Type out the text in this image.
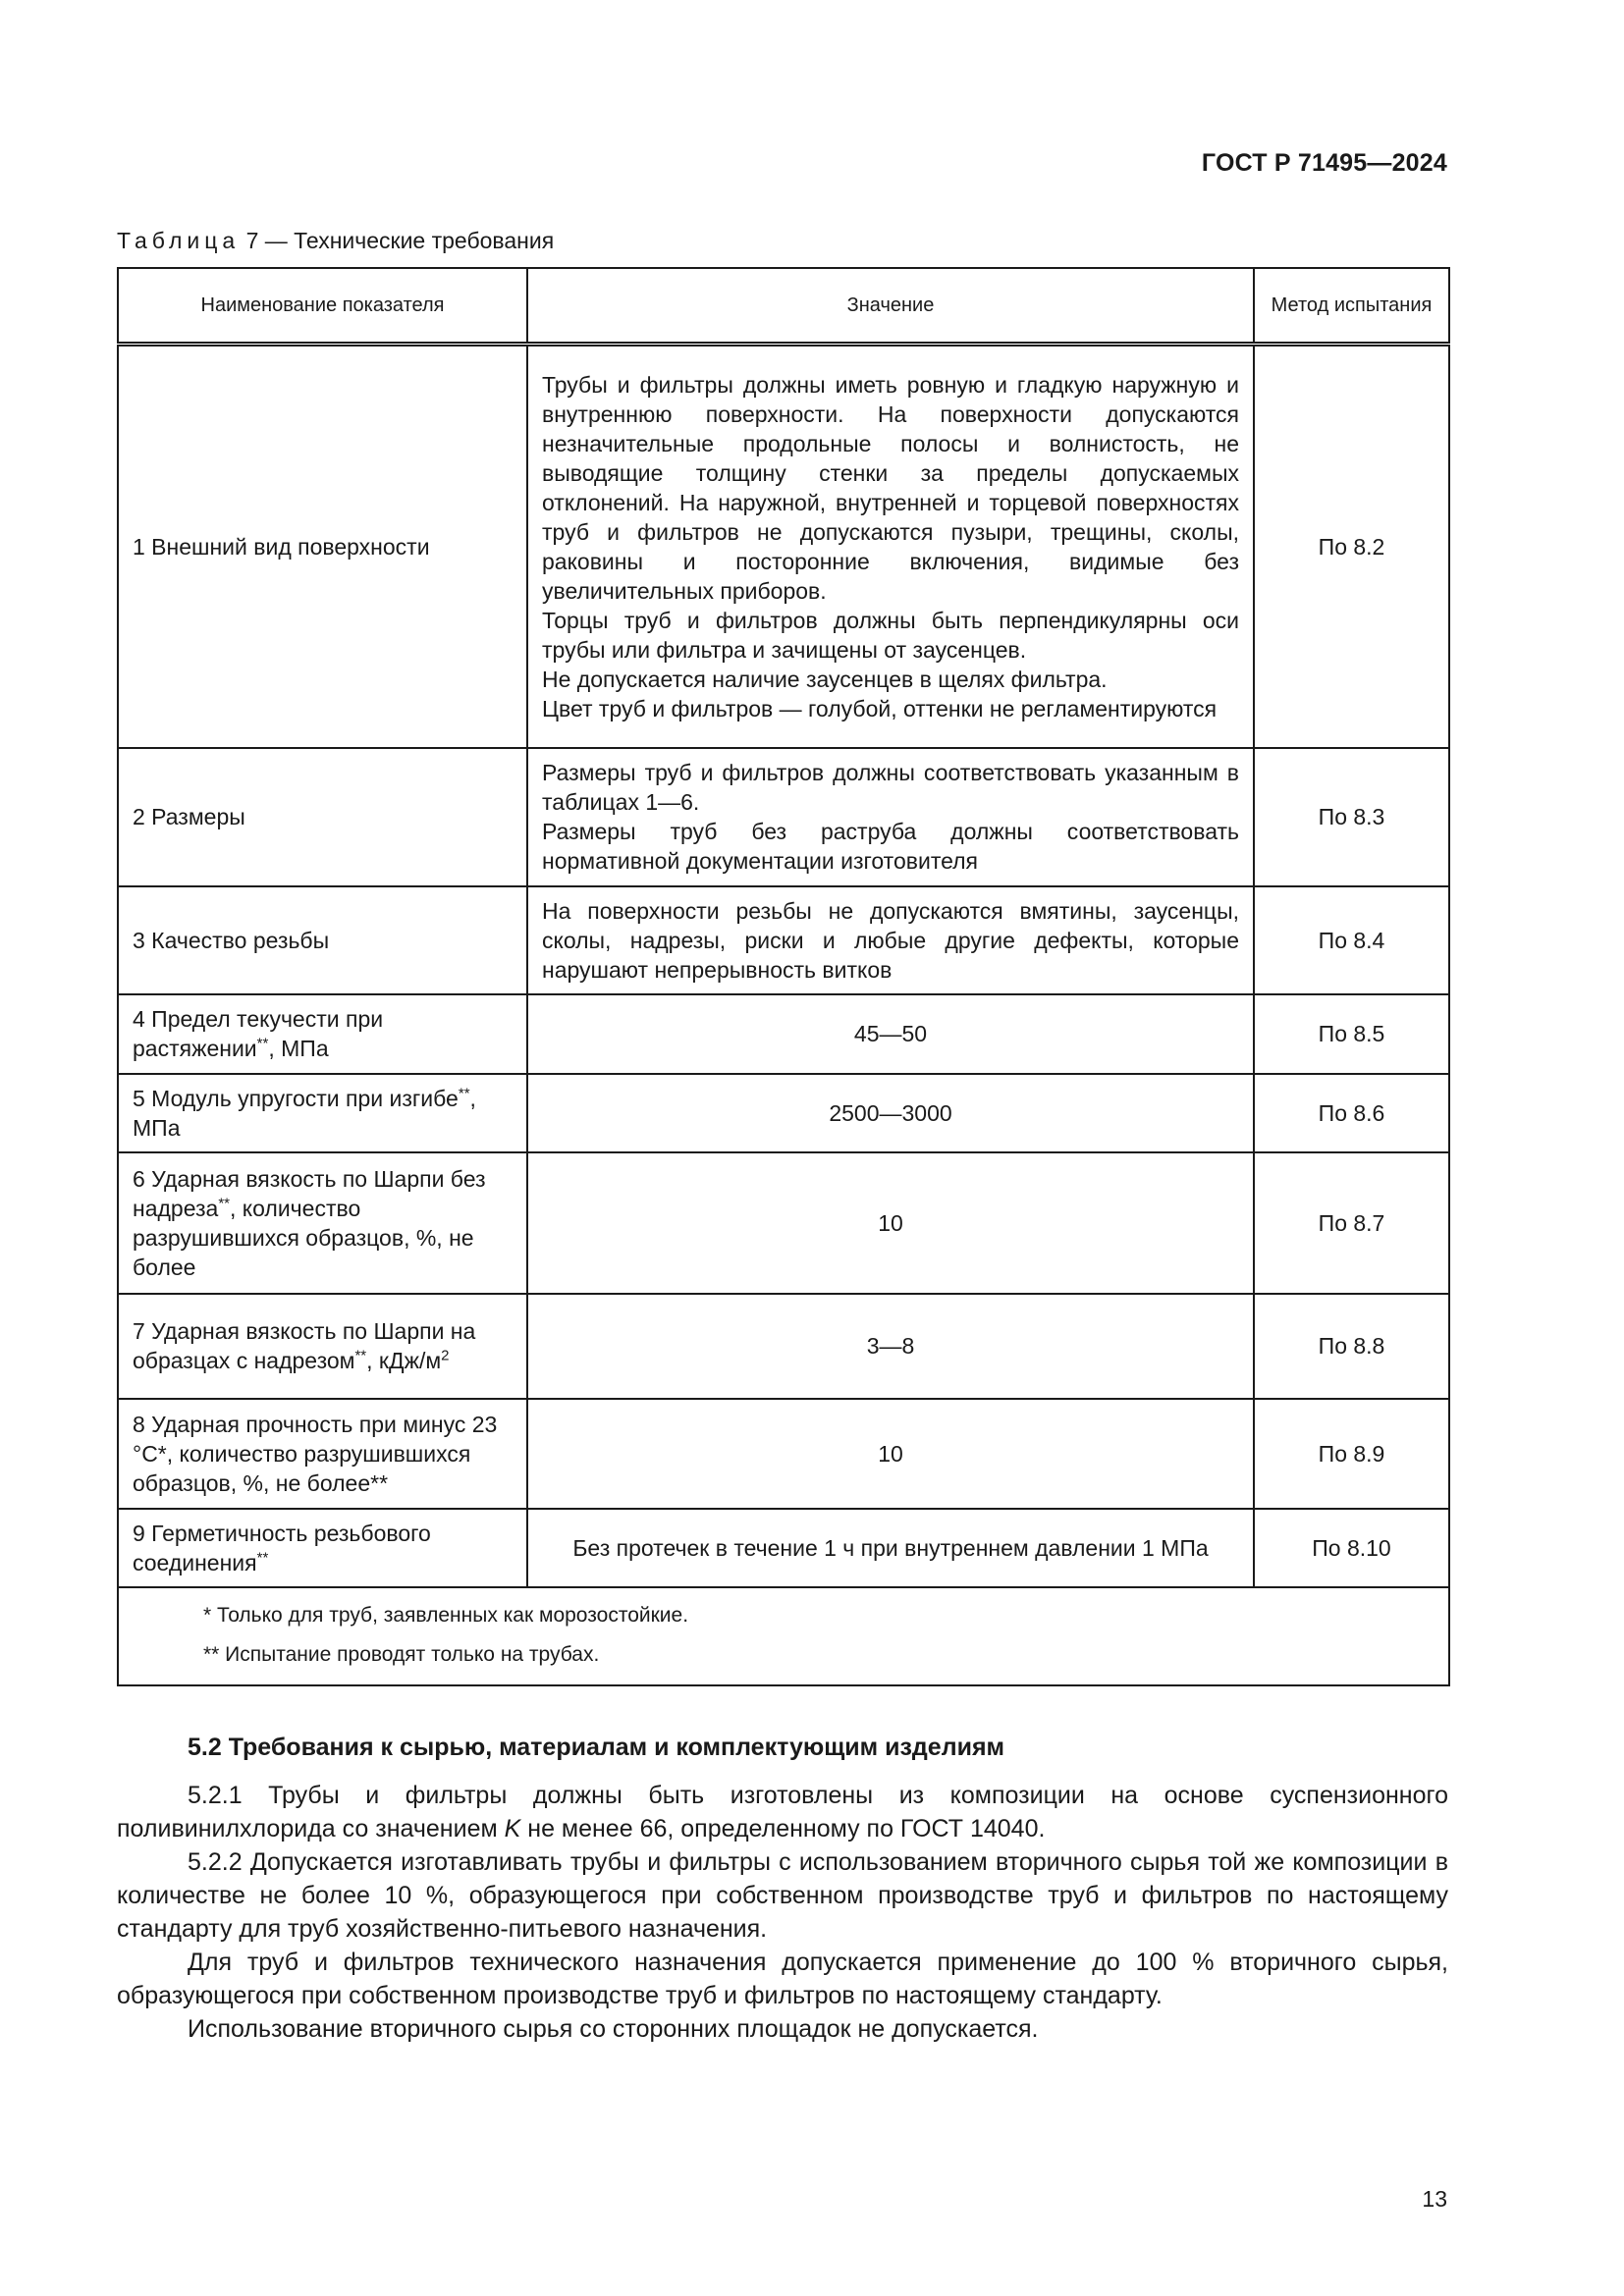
ГОСТ Р 71495—2024
Таблица 7 — Технические требования
Наименование показателя	Значение	Метод испытания
1 Внешний вид поверхности	Трубы и фильтры должны иметь ровную и гладкую наружную и внутреннюю поверхности. На поверхности допускаются незначительные продольные полосы и волнистость, не выводящие толщину стенки за пределы допускаемых отклонений. На наружной, внутренней и торцевой поверхностях труб и фильтров не допускаются пузыри, трещины, сколы, раковины и посторонние включения, видимые без увеличительных приборов.
Торцы труб и фильтров должны быть перпендикулярны оси трубы или фильтра и зачищены от заусенцев.
Не допускается наличие заусенцев в щелях фильтра.
Цвет труб и фильтров — голубой, оттенки не регламентируются	По 8.2
2 Размеры	Размеры труб и фильтров должны соответствовать указанным в таблицах 1—6.
Размеры труб без раструба должны соответствовать нормативной документации изготовителя	По 8.3
3 Качество резьбы	На поверхности резьбы не допускаются вмятины, заусенцы, сколы, надрезы, риски и любые другие дефекты, которые нарушают непрерывность витков	По 8.4
4 Предел текучести при растяжении**, МПа	45—50	По 8.5
5 Модуль упругости при изгибе**, МПа	2500—3000	По 8.6
6 Ударная вязкость по Шарпи без надреза**, количество разрушившихся образцов, %, не более	10	По 8.7
7 Ударная вязкость по Шарпи на образцах с надрезом**, кДж/$м^2$	3—8	По 8.8
8 Ударная прочность при минус 23 °С*, количество разрушившихся образцов, %, не более**	10	По 8.9
9 Герметичность резьбового соединения**	Без протечек в течение 1 ч при внутреннем давлении 1 МПа	По 8.10

* Только для труб, заявленных как морозостойкие.
** Испытание проводят только на трубах.		
5.2 Требования к сырью, материалам и комплектующим изделиям

5.2.1 Трубы и фильтры должны быть изготовлены из композиции на основе суспензионного поливинилхлорида со значением K не менее 66, определенному по ГОСТ 14040.

5.2.2 Допускается изготавливать трубы и фильтры с использованием вторичного сырья той же композиции в количестве не более 10 %, образующегося при собственном производстве труб и фильтров по настоящему стандарту для труб хозяйственно-питьевого назначения.

Для труб и фильтров технического назначения допускается применение до 100 % вторичного сырья, образующегося при собственном производстве труб и фильтров по настоящему стандарту.

Использование вторичного сырья со сторонних площадок не допускается.

13
